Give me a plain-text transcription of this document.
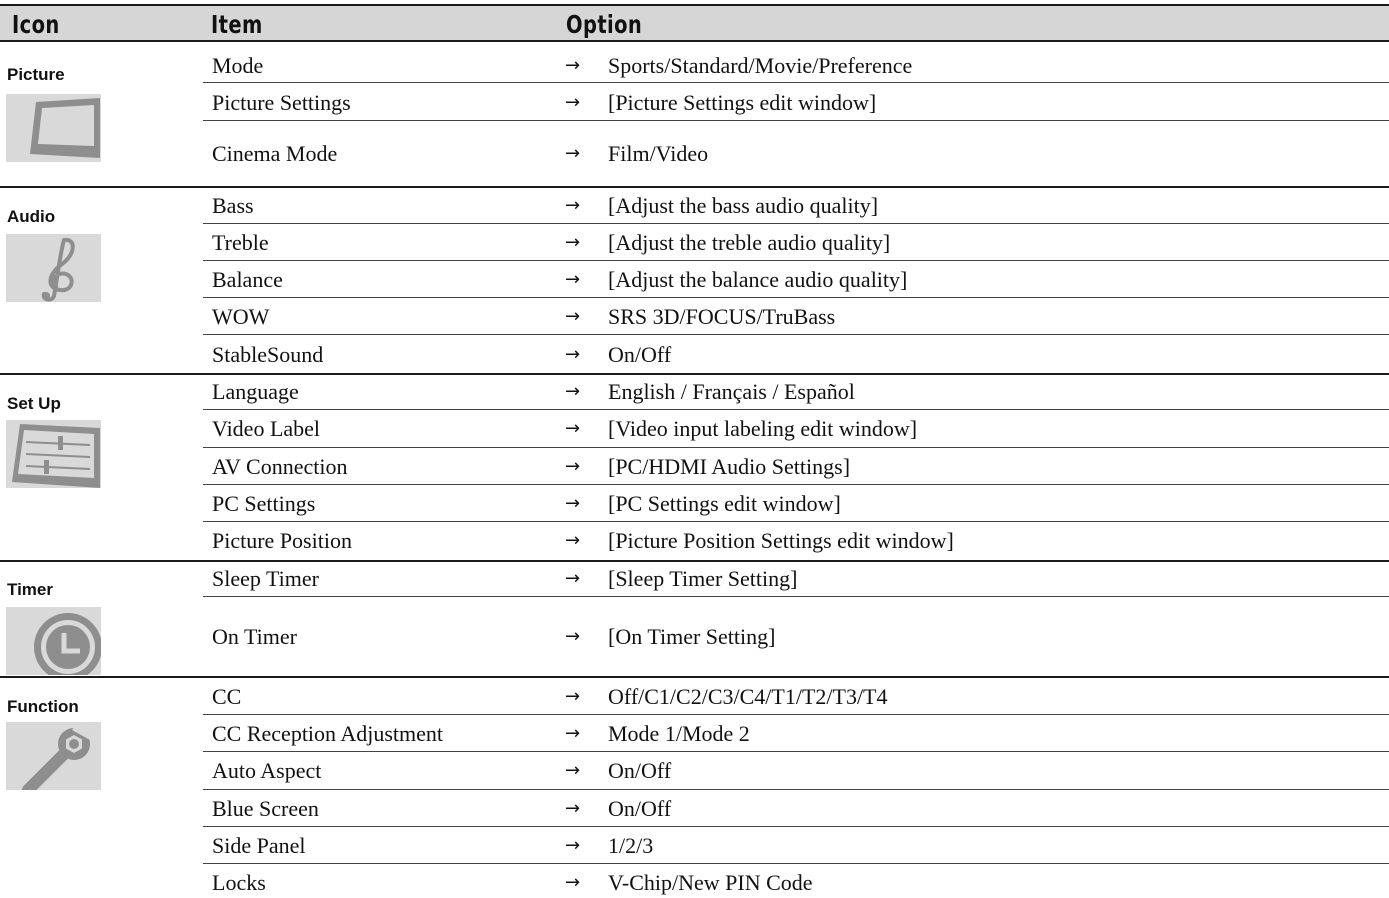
Icon	Item	Option
Picture	Mode	→ Sports/Standard/Movie/Preference
Picture Settings	→ [Picture Settings edit window]
Cinema Mode	→ Film/Video
Audio	Bass	→ [Adjust the bass audio quality]
Treble	→ [Adjust the treble audio quality]
Balance	→ [Adjust the balance audio quality]
WOW	→ SRS 3D/FOCUS/TruBass
StableSound	→ On/Off
Set Up	Language	→ English / Français / Español
Video Label	→ [Video input labeling edit window]
AV Connection	→ [PC/HDMI Audio Settings]
PC Settings	→ [PC Settings edit window]
Picture Position	→ [Picture Position Settings edit window]
Timer	Sleep Timer	→ [Sleep Timer Setting]
On Timer	→ [On Timer Setting]
Function	CC	→ Off/C1/C2/C3/C4/T1/T2/T3/T4
CC Reception Adjustment	→ Mode 1/Mode 2
Auto Aspect	→ On/Off
Blue Screen	→ On/Off
Side Panel	→ 1/2/3
Locks	→ V-Chip/New PIN Code
